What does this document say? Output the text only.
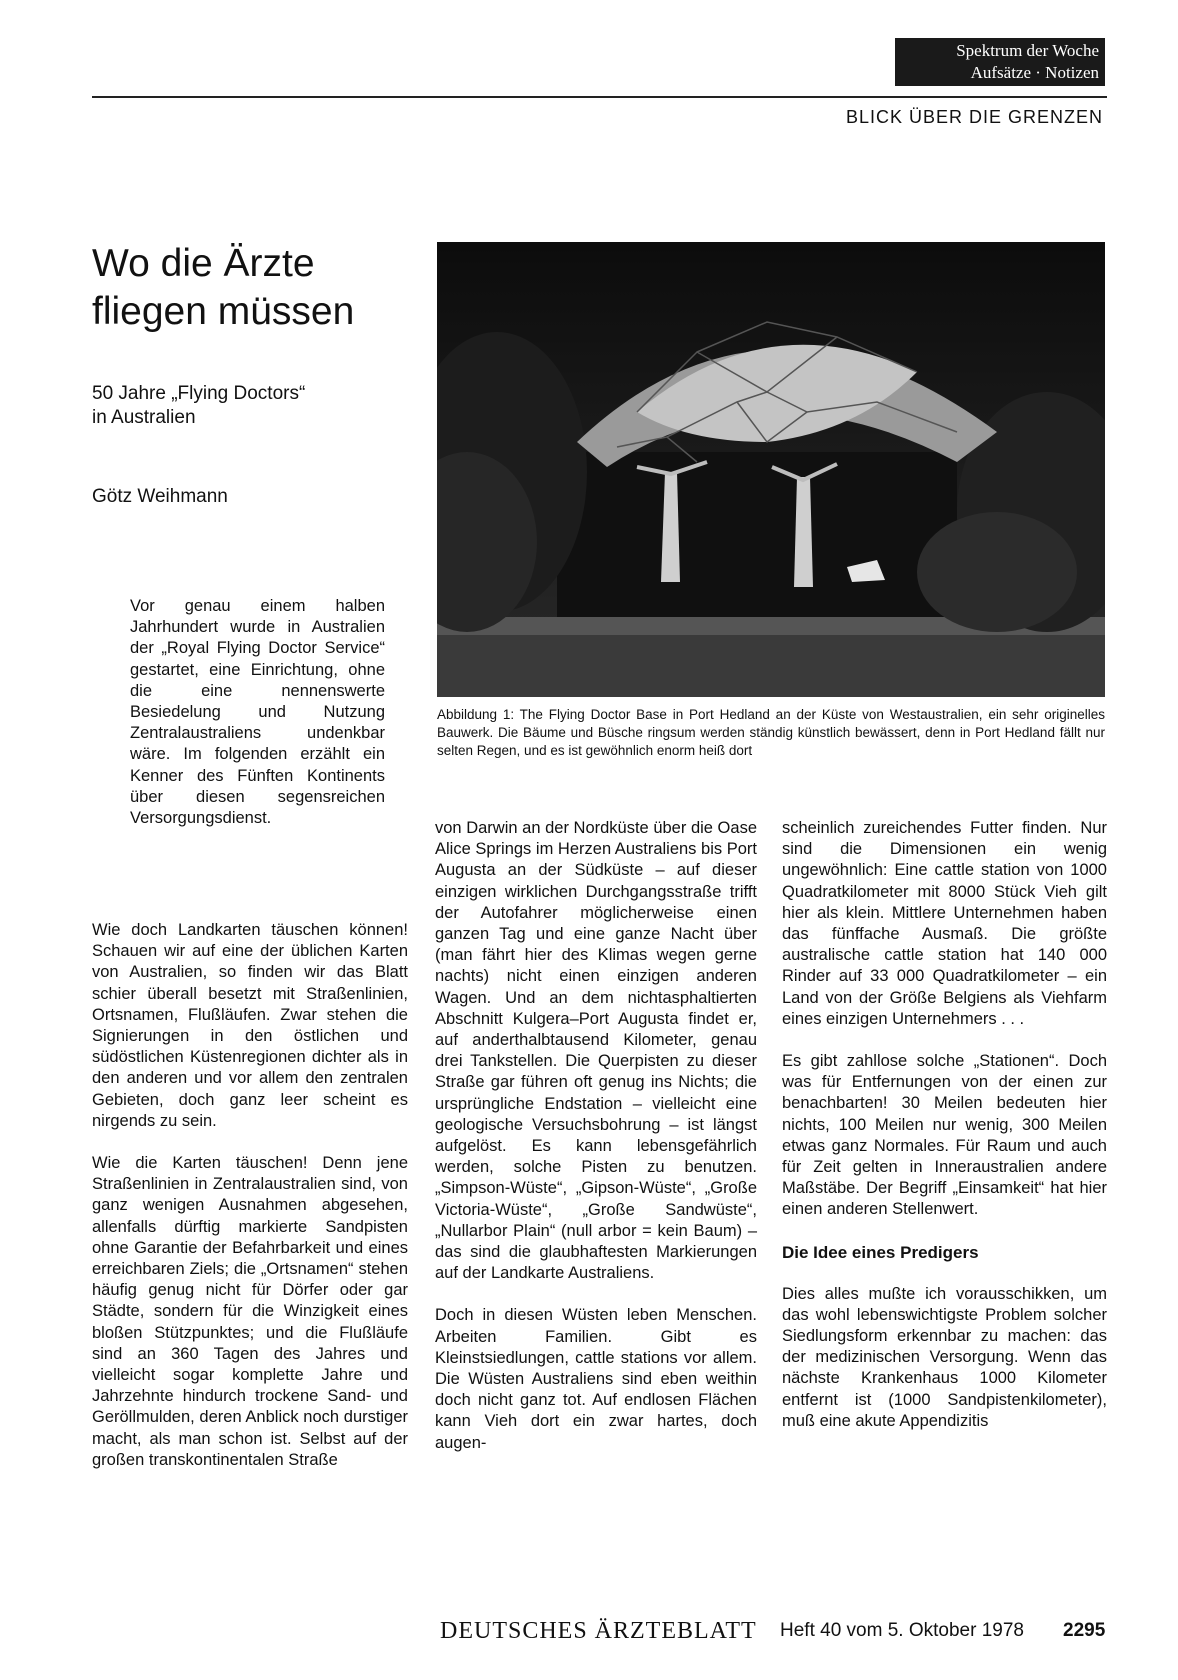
Spektrum der Woche
Aufsätze · Notizen
BLICK ÜBER DIE GRENZEN
Wo die Ärzte
fliegen müssen
50 Jahre „Flying Doctors“
in Australien
Götz Weihmann
Vor genau einem halben Jahrhundert wurde in Australien der „Royal Flying Doctor Service“ gestartet, eine Einrichtung, ohne die eine nennenswerte Besiedelung und Nutzung Zentralaustraliens undenkbar wäre. Im folgenden erzählt ein Kenner des Fünften Kontinents über diesen segensreichen Versorgungsdienst.
Abbildung 1: The Flying Doctor Base in Port Hedland an der Küste von Westaustralien, ein sehr originelles Bauwerk. Die Bäume und Büsche ringsum werden ständig künstlich bewässert, denn in Port Hedland fällt nur selten Regen, und es ist gewöhnlich enorm heiß dort

Wie doch Landkarten täuschen können! Schauen wir auf eine der üblichen Karten von Australien, so finden wir das Blatt schier überall besetzt mit Straßenlinien, Ortsnamen, Flußläufen. Zwar stehen die Signierungen in den östlichen und südöstlichen Küstenregionen dichter als in den anderen und vor allem den zentralen Gebieten, doch ganz leer scheint es nirgends zu sein.

Wie die Karten täuschen! Denn jene Straßenlinien in Zentralaustralien sind, von ganz wenigen Ausnahmen abgesehen, allenfalls dürftig markierte Sandpisten ohne Garantie der Befahrbarkeit und eines erreichbaren Ziels; die „Ortsnamen“ stehen häufig genug nicht für Dörfer oder gar Städte, sondern für die Winzigkeit eines bloßen Stützpunktes; und die Flußläufe sind an 360 Tagen des Jahres und vielleicht sogar komplette Jahre und Jahrzehnte hindurch trockene Sand- und Geröllmulden, deren Anblick noch durstiger macht, als man schon ist. Selbst auf der großen transkontinentalen Straße

von Darwin an der Nordküste über die Oase Alice Springs im Herzen Australiens bis Port Augusta an der Südküste – auf dieser einzigen wirklichen Durchgangsstraße trifft der Autofahrer möglicherweise einen ganzen Tag und eine ganze Nacht über (man fährt hier des Klimas wegen gerne nachts) nicht einen einzigen anderen Wagen. Und an dem nichtasphaltierten Abschnitt Kulgera–Port Augusta findet er, auf anderthalbtausend Kilometer, genau drei Tankstellen. Die Querpisten zu dieser Straße gar führen oft genug ins Nichts; die ursprüngliche Endstation – vielleicht eine geologische Versuchsbohrung – ist längst aufgelöst. Es kann lebensgefährlich werden, solche Pisten zu benutzen. „Simpson-Wüste“, „Gipson-Wüste“, „Große Victoria-Wüste“, „Große Sandwüste“, „Nullarbor Plain“ (null arbor = kein Baum) – das sind die glaubhaftesten Markierungen auf der Landkarte Australiens.

Doch in diesen Wüsten leben Menschen. Arbeiten Familien. Gibt es Kleinstsiedlungen, cattle stations vor allem. Die Wüsten Australiens sind eben weithin doch nicht ganz tot. Auf endlosen Flächen kann Vieh dort ein zwar hartes, doch augen-

scheinlich zureichendes Futter finden. Nur sind die Dimensionen ein wenig ungewöhnlich: Eine cattle station von 1000 Quadratkilometer mit 8000 Stück Vieh gilt hier als klein. Mittlere Unternehmen haben das fünffache Ausmaß. Die größte australische cattle station hat 140 000 Rinder auf 33 000 Quadratkilometer – ein Land von der Größe Belgiens als Viehfarm eines einzigen Unternehmers . . .

Es gibt zahllose solche „Stationen“. Doch was für Entfernungen von der einen zur benachbarten! 30 Meilen bedeuten hier nichts, 100 Meilen nur wenig, 300 Meilen etwas ganz Normales. Für Raum und auch für Zeit gelten in Inneraustralien andere Maßstäbe. Der Begriff „Einsamkeit“ hat hier einen anderen Stellenwert.

Die Idee eines Predigers

Dies alles mußte ich vorausschikken, um das wohl lebenswichtigste Problem solcher Siedlungsform erkennbar zu machen: das der medizinischen Versorgung. Wenn das nächste Krankenhaus 1000 Kilometer entfernt ist (1000 Sandpistenkilometer), muß eine akute Appendizitis

DEUTSCHES ÄRZTEBLATT Heft 40 vom 5. Oktober 1978 2295
